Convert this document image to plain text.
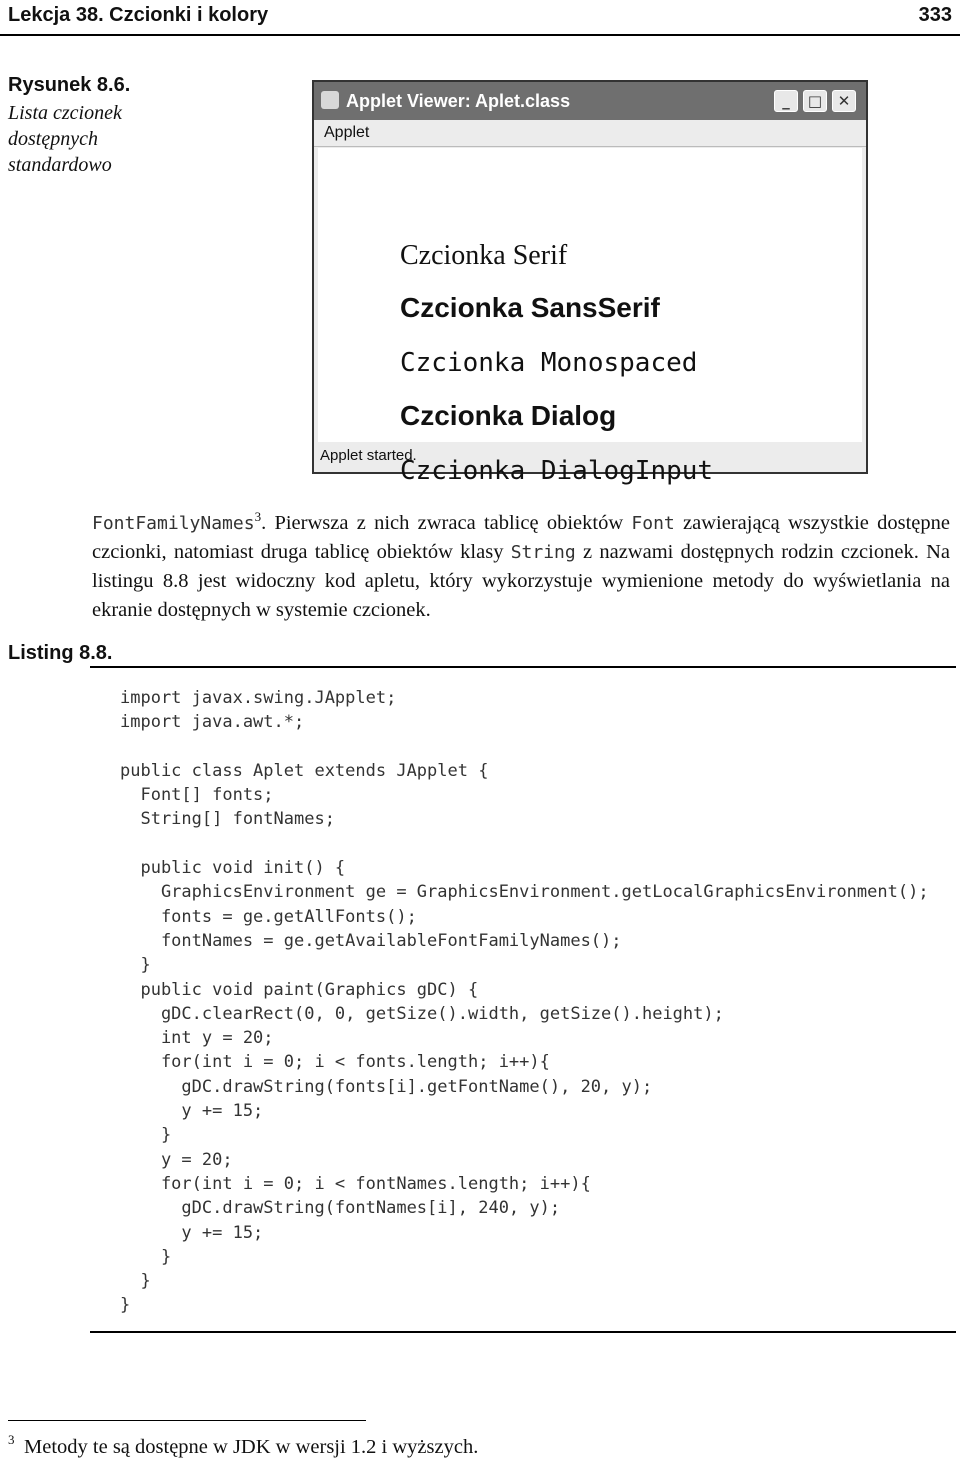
Lekcja 38. Czcionki i kolory	333
Rysunek 8.6.
Lista czcionek dostępnych standardowo
Applet Viewer: Aplet.class	_	□	✕
Applet
Czcionka Serif
Czcionka SansSerif
Czcionka Monospaced
Czcionka Dialog
Czcionka DialogInput
Applet started.
FontFamilyNames$^3$. Pierwsza z nich zwraca tablicę obiektów Font zawierającą wszystkie dostępne czcionki, natomiast druga tablicę obiektów klasy String z nazwami dostępnych rodzin czcionek. Na listingu 8.8 jest widoczny kod apletu, który wykorzystuje wymienione metody do wyświetlania na ekranie dostępnych w systemie czcionek.
Listing 8.8.
import javax.swing.JApplet;
import java.awt.*;

public class Aplet extends JApplet {
Font[] fonts;
String[] fontNames;

public void init() {
GraphicsEnvironment ge = GraphicsEnvironment.getLocalGraphicsEnvironment();
fonts = ge.getAllFonts();
fontNames = ge.getAvailableFontFamilyNames();
}
public void paint(Graphics gDC) {
gDC.clearRect(0, 0, getSize().width, getSize().height);
int y = 20;
for(int i = 0; i < fonts.length; i++){
gDC.drawString(fonts[i].getFontName(), 20, y);
y += 15;
}
y = 20;
for(int i = 0; i < fontNames.length; i++){
gDC.drawString(fontNames[i], 240, y);
y += 15;
}
}
}
3 Metody te są dostępne w JDK w wersji 1.2 i wyższych.
